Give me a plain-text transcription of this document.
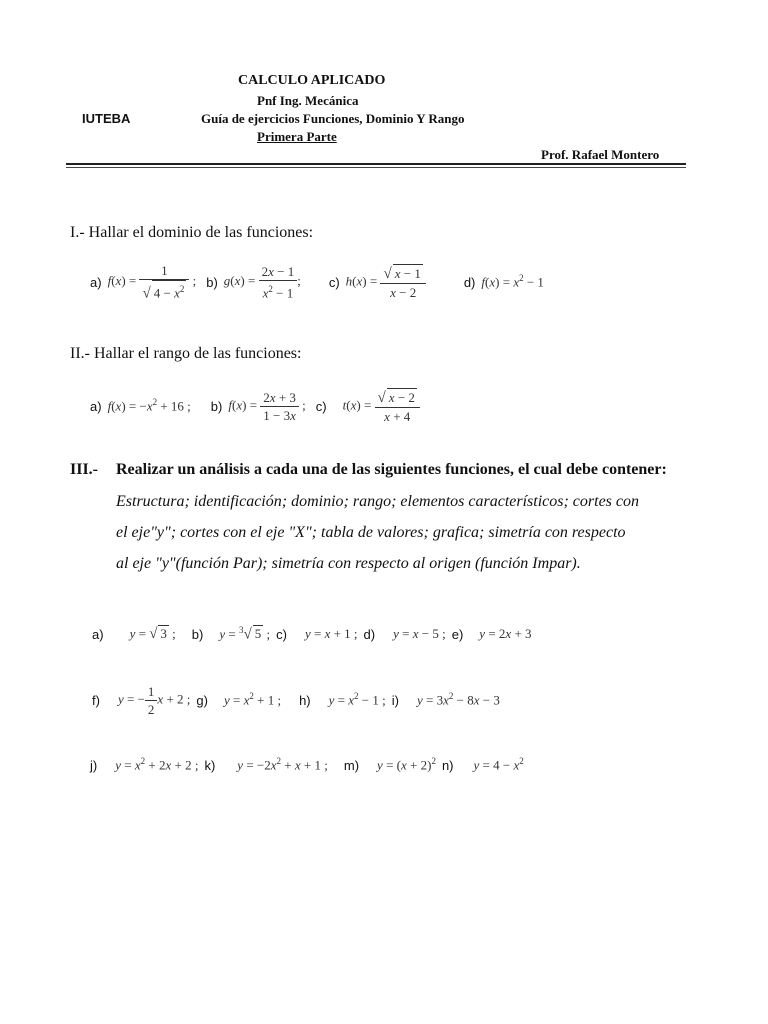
CALCULO APLICADO
Pnf Ing. Mecánica
IUTEBA	Guía de ejercicios Funciones, Dominio Y Rango
Primera Parte
Prof. Rafael Montero
I.- Hallar el dominio de las funciones:
a) $f(x) = \frac{1}{√ 4 - x^2}$ ; b) $g(x) = \frac{2x - 1}{x^2 - 1}$ ; c) $h(x) = \frac{√ x - 1}{x - 2}$	d) $f(x) = x^2 - 1$
II.- Hallar el rango de las funciones:
a) $f(x) = -x^2 + 16$ ; b) $f(x) = \frac{2x + 3}{1 - 3x}$ ; c) $t(x) = \frac{√ x - 2}{x + 4}$
III.- Realizar un análisis a cada una de las siguientes funciones, el cual debe contener:
Estructura; identificación; dominio; rango; elementos característicos; cortes con
el eje"y"; cortes con el eje "X"; tabla de valores; grafica; simetría con respecto
al eje "y"(función Par); simetría con respecto al origen (función Impar).
a) y = √ 3 ; b) y = $^3$√ 5 ; c) y = x + 1 ; d) y = x − 5 ; e) y = 2x + 3
f) y = − $\frac{1}{2}$ x + 2 ; g) $y = x^2 + 1$ ; h) $y = x^2 - 1$ ; i) $y = 3x^2 - 8x - 3$
j) $y = x^2 + 2x + 2$ ; k) $y = -2x^2 + x + 1$ ; m) $y = (x + 2)^2$ n) $y = 4 - x^2$
